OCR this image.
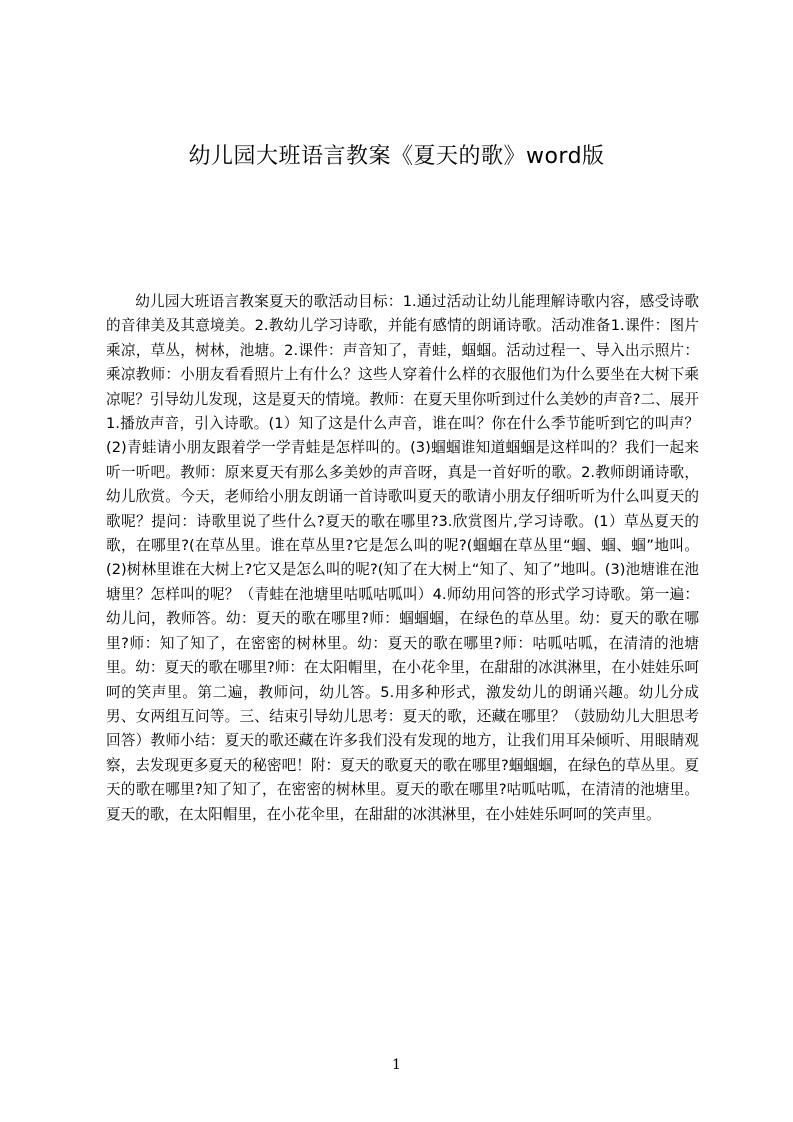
幼儿园大班语言教案《夏天的歌》word版

幼儿园大班语言教案夏天的歌活动目标：1.通过活动让幼儿能理解诗歌内容，感受诗歌的音律美及其意境美。2.教幼儿学习诗歌，并能有感情的朗诵诗歌。活动准备1.课件：图片乘凉，草丛，树林，池塘。2.课件：声音知了，青蛙，蝈蝈。活动过程一、导入出示照片：乘凉教师：小朋友看看照片上有什么？这些人穿着什么样的衣服他们为什么要坐在大树下乘凉呢？引导幼儿发现，这是夏天的情境。教师：在夏天里你听到过什么美妙的声音?二、展开1.播放声音，引入诗歌。(1）知了这是什么声音，谁在叫？你在什么季节能听到它的叫声？(2)青蛙请小朋友跟着学一学青蛙是怎样叫的。(3)蝈蝈谁知道蝈蝈是这样叫的？我们一起来听一听吧。教师：原来夏天有那么多美妙的声音呀，真是一首好听的歌。2.教师朗诵诗歌，幼儿欣赏。今天，老师给小朋友朗诵一首诗歌叫夏天的歌请小朋友仔细听听为什么叫夏天的歌呢？提问：诗歌里说了些什么?夏天的歌在哪里?3.欣赏图片,学习诗歌。(1）草丛夏天的歌，在哪里?(在草丛里。谁在草丛里?它是怎么叫的呢?(蝈蝈在草丛里“蝈、蝈、蝈”地叫。(2)树林里谁在大树上?它又是怎么叫的呢?(知了在大树上“知了、知了”地叫。(3)池塘谁在池塘里？怎样叫的呢？（青蛙在池塘里咕呱咕呱叫）4.师幼用问答的形式学习诗歌。第一遍：幼儿问，教师答。幼：夏天的歌在哪里?师：蝈蝈蝈，在绿色的草丛里。幼：夏天的歌在哪里?师：知了知了，在密密的树林里。幼：夏天的歌在哪里?师：咕呱咕呱，在清清的池塘里。幼：夏天的歌在哪里?师：在太阳帽里，在小花伞里，在甜甜的冰淇淋里，在小娃娃乐呵呵的笑声里。第二遍，教师问，幼儿答。5.用多种形式，激发幼儿的朗诵兴趣。幼儿分成男、女两组互问等。三、结束引导幼儿思考：夏天的歌，还藏在哪里？（鼓励幼儿大胆思考回答）教师小结：夏天的歌还藏在许多我们没有发现的地方，让我们用耳朵倾听、用眼睛观察，去发现更多夏天的秘密吧！附：夏天的歌夏天的歌在哪里?蝈蝈蝈，在绿色的草丛里。夏天的歌在哪里?知了知了，在密密的树林里。夏天的歌在哪里?咕呱咕呱，在清清的池塘里。夏天的歌，在太阳帽里，在小花伞里，在甜甜的冰淇淋里，在小娃娃乐呵呵的笑声里。

1
